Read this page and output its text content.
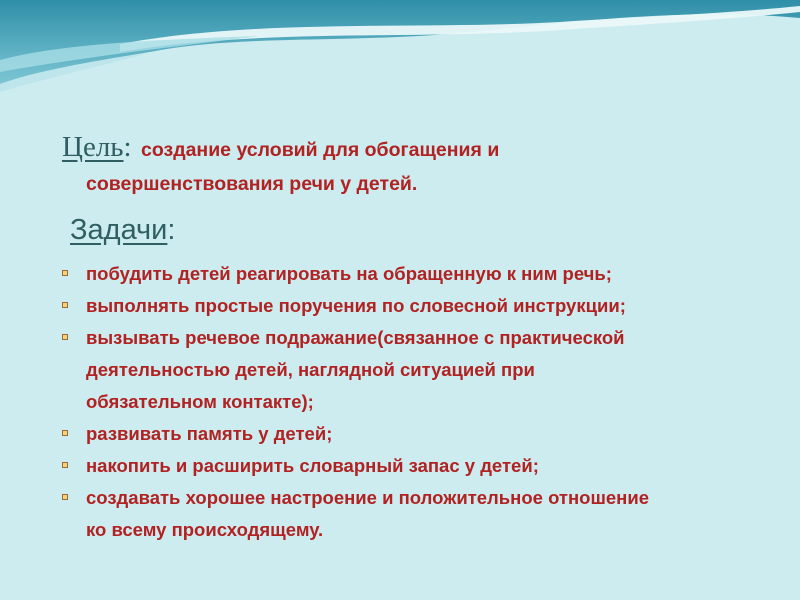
Цель: создание условий для обогащения и
совершенствования речи у детей.
Задачи:
побудить детей реагировать на обращенную к ним речь;
выполнять простые поручения по словесной инструкции;
вызывать речевое подражание(связанное с практической
деятельностью детей, наглядной ситуацией при
обязательном контакте);
развивать память у детей;
накопить и расширить словарный запас у детей;
создавать хорошее настроение и положительное отношение
ко всему происходящему.
